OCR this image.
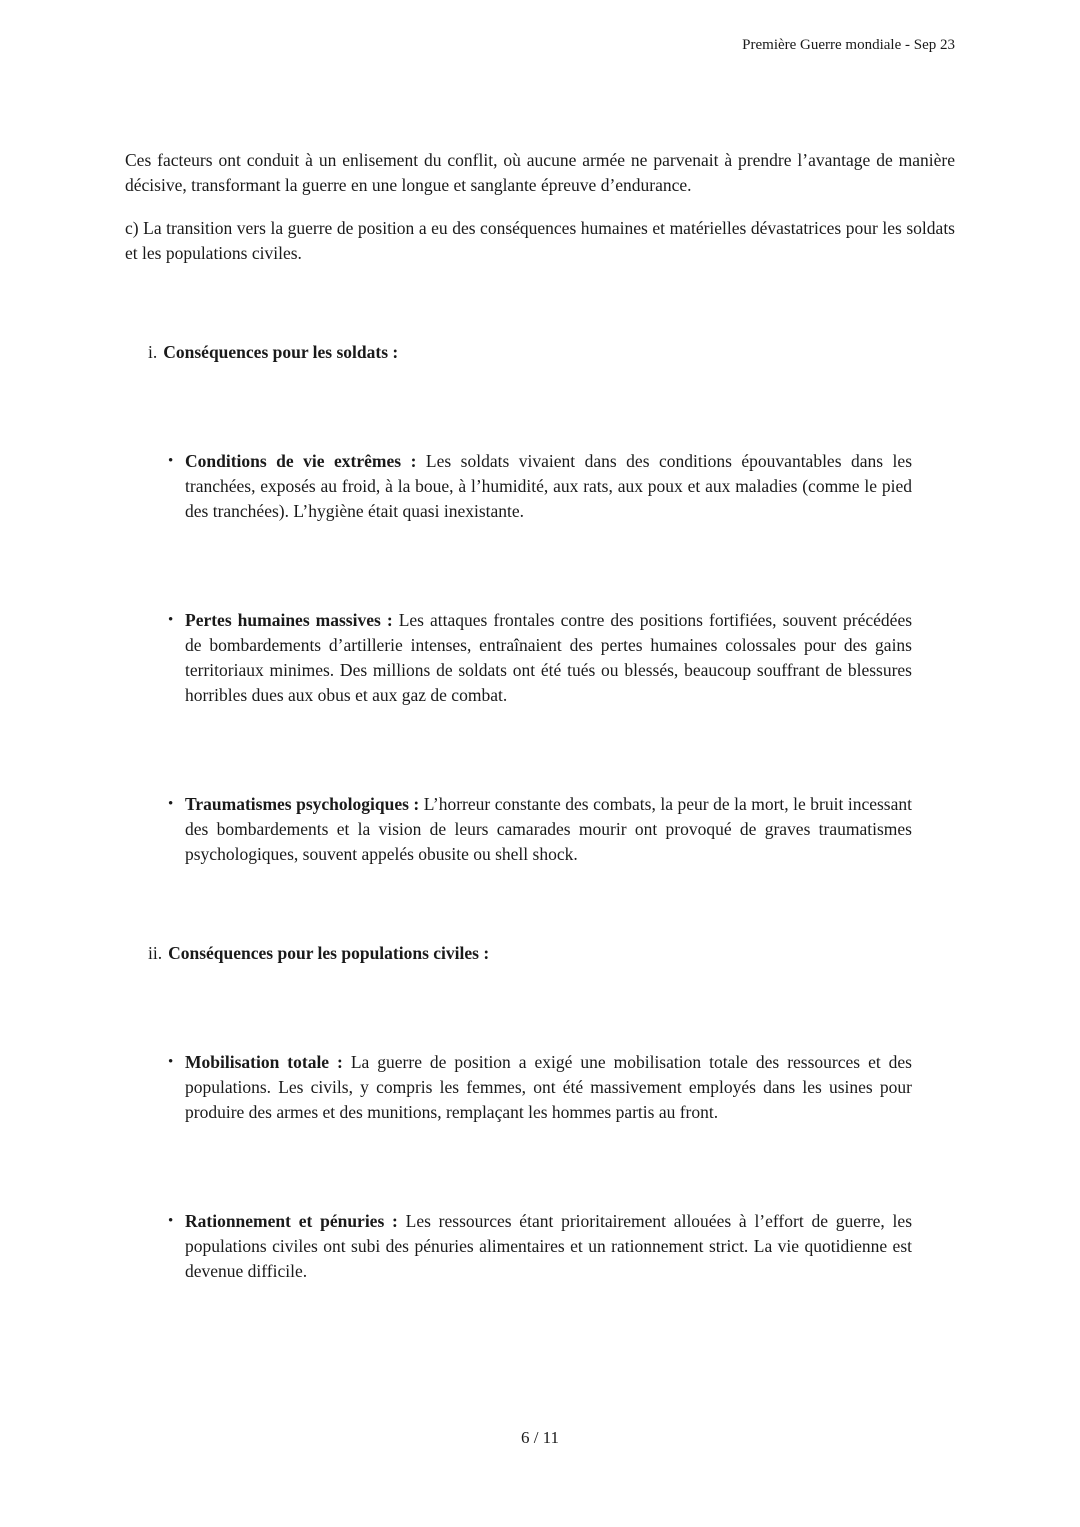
Première Guerre mondiale - Sep 23

Ces facteurs ont conduit à un enlisement du conflit, où aucune armée ne parvenait à prendre l’avantage de manière décisive, transformant la guerre en une longue et sanglante épreuve d’endurance.

c) La transition vers la guerre de position a eu des conséquences humaines et matérielles dévastatrices pour les soldats et les populations civiles.

i. Conséquences pour les soldats :
• Conditions de vie extrêmes : Les soldats vivaient dans des conditions épouvantables dans les tranchées, exposés au froid, à la boue, à l’humidité, aux rats, aux poux et aux maladies (comme le pied des tranchées). L’hygiène était quasi inexistante.
• Pertes humaines massives : Les attaques frontales contre des positions fortifiées, souvent précédées de bombardements d’artillerie intenses, entraînaient des pertes humaines colossales pour des gains territoriaux minimes. Des millions de soldats ont été tués ou blessés, beaucoup souffrant de blessures horribles dues aux obus et aux gaz de combat.
• Traumatismes psychologiques : L’horreur constante des combats, la peur de la mort, le bruit incessant des bombardements et la vision de leurs camarades mourir ont provoqué de graves traumatismes psychologiques, souvent appelés obusite ou shell shock.
ii. Conséquences pour les populations civiles :
• Mobilisation totale : La guerre de position a exigé une mobilisation totale des ressources et des populations. Les civils, y compris les femmes, ont été massivement employés dans les usines pour produire des armes et des munitions, remplaçant les hommes partis au front.
• Rationnement et pénuries : Les ressources étant prioritairement allouées à l’effort de guerre, les populations civiles ont subi des pénuries alimentaires et un rationnement strict. La vie quotidienne est devenue difficile.
6 / 11
